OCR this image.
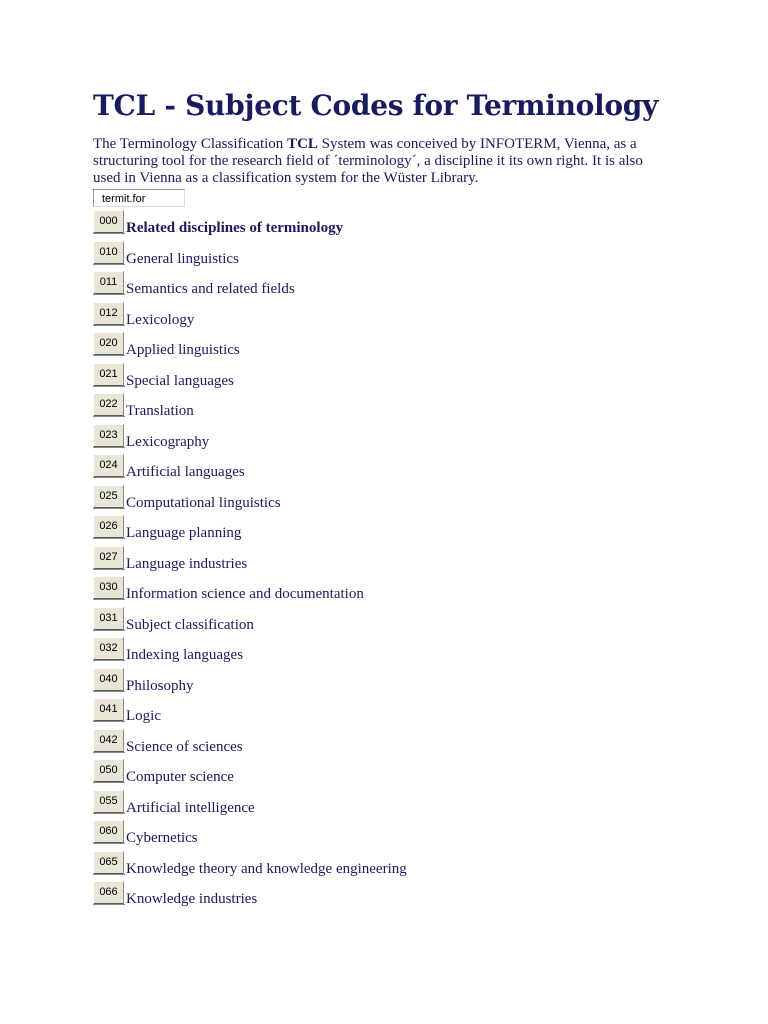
TCL - Subject Codes for Terminology
The Terminology Classification TCL System was conceived by INFOTERM, Vienna, as a structuring tool for the research field of ´terminology´, a discipline it its own right. It is also used in Vienna as a classification system for the Wüster Library.
termit.for
000 Related disciplines of terminology
010 General linguistics
011 Semantics and related fields
012 Lexicology
020 Applied linguistics
021 Special languages
022 Translation
023 Lexicography
024 Artificial languages
025 Computational linguistics
026 Language planning
027 Language industries
030 Information science and documentation
031 Subject classification
032 Indexing languages
040 Philosophy
041 Logic
042 Science of sciences
050 Computer science
055 Artificial intelligence
060 Cybernetics
065 Knowledge theory and knowledge engineering
066 Knowledge industries
